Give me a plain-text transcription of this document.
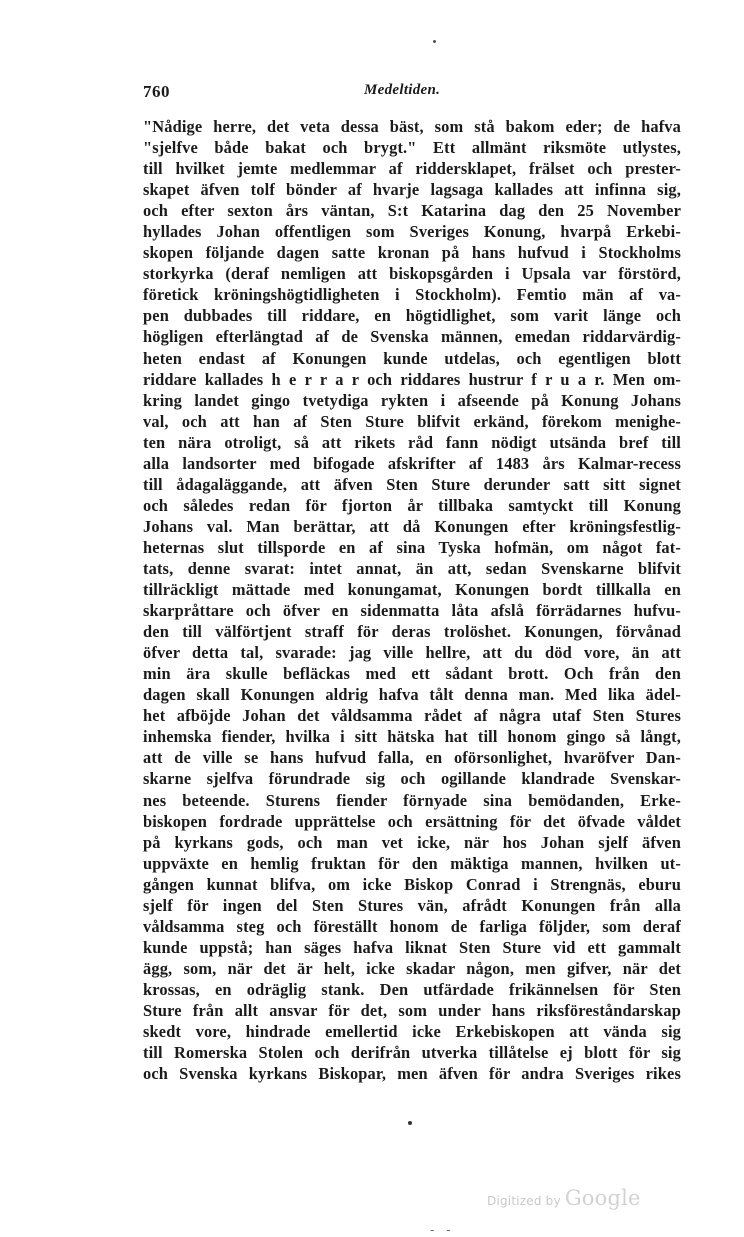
760	Medeltiden.
"Nådige herre, det veta dessa bäst, som stå bakom eder; de hafva
"sjelfve både bakat och brygt." Ett allmänt riksmöte utlystes,
till hvilket jemte medlemmar af riddersklapet, frälset och prester-
skapet äfven tolf bönder af hvarje lagsaga kallades att infinna sig,
och efter sexton års väntan, S:t Katarina dag den 25 November
hyllades Johan offentligen som Sveriges Konung, hvarpå Erkebi-
skopen följande dagen satte kronan på hans hufvud i Stockholms
storkyrka (deraf nemligen att biskopsgården i Upsala var förstörd,
företick kröningshögtidligheten i Stockholm). Femtio män af va-
pen dubbades till riddare, en högtidlighet, som varit länge och
högligen efterlängtad af de Svenska männen, emedan riddarvärdig-
heten endast af Konungen kunde utdelas, och egentligen blott
riddare kallades h e r r a r och riddares hustrur f r u a r. Men om-
kring landet gingo tvetydiga rykten i afseende på Konung Johans
val, och att han af Sten Sture blifvit erkänd, förekom menighe-
ten nära otroligt, så att rikets råd fann nödigt utsända bref till
alla landsorter med bifogade afskrifter af 1483 års Kalmar-recess
till ådagaläggande, att äfven Sten Sture derunder satt sitt signet
och således redan för fjorton år tillbaka samtyckt till Konung
Johans val. Man berättar, att då Konungen efter kröningsfestlig-
heternas slut tillsporde en af sina Tyska hofmän, om något fat-
tats, denne svarat: intet annat, än att, sedan Svenskarne blifvit
tillräckligt mättade med konungamat, Konungen bordt tillkalla en
skarpråttare och öfver en sidenmatta låta afslå förrädarnes hufvu-
den till välförtjent straff för deras trolöshet. Konungen, förvånad
öfver detta tal, svarade: jag ville hellre, att du död vore, än att
min ära skulle befläckas med ett sådant brott. Och från den
dagen skall Konungen aldrig hafva tålt denna man. Med lika ädel-
het afböjde Johan det våldsamma rådet af några utaf Sten Stures
inhemska fiender, hvilka i sitt hätska hat till honom gingo så långt,
att de ville se hans hufvud falla, en oförsonlighet, hvaröfver Dan-
skarne sjelfva förundrade sig och ogillande klandrade Svenskar-
nes beteende. Sturens fiender förnyade sina bemödanden, Erke-
biskopen fordrade upprättelse och ersättning för det öfvade våldet
på kyrkans gods, och man vet icke, när hos Johan sjelf äfven
uppväxte en hemlig fruktan för den mäktiga mannen, hvilken ut-
gången kunnat blifva, om icke Biskop Conrad i Strengnäs, eburu
sjelf för ingen del Sten Stures vän, afrådt Konungen från alla
våldsamma steg och föreställt honom de farliga följder, som deraf
kunde uppstå; han säges hafva liknat Sten Sture vid ett gammalt
ägg, som, när det är helt, icke skadar någon, men gifver, när det
krossas, en odräglig stank. Den utfärdade frikännelsen för Sten
Sture från allt ansvar för det, som under hans riksföreståndarskap
skedt vore, hindrade emellertid icke Erkebiskopen att vända sig
till Romerska Stolen och derifrån utverka tillåtelse ej blott för sig
och Svenska kyrkans Biskopar, men äfven för andra Sveriges rikes
Digitized by Google
- -
